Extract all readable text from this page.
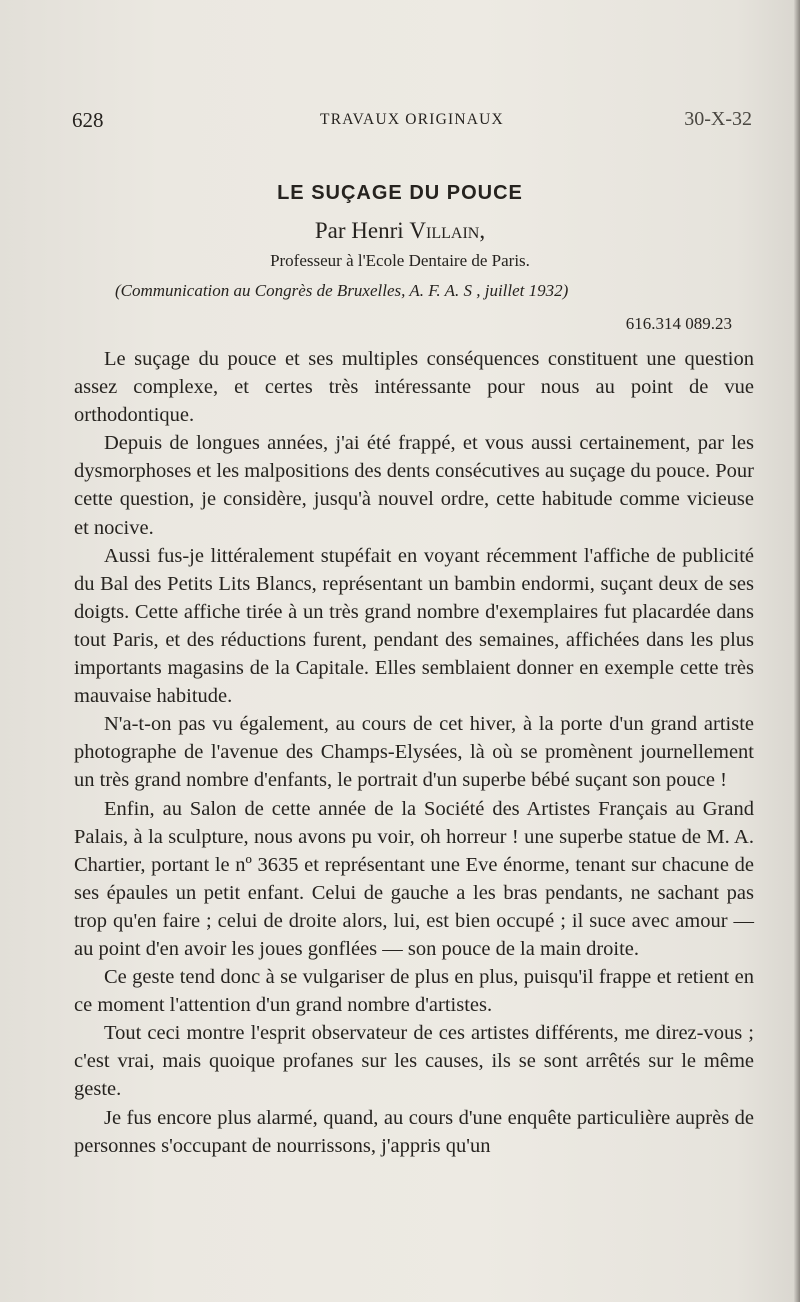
628	TRAVAUX ORIGINAUX	30-X-32
LE SUÇAGE DU POUCE
Par Henri Villain,
Professeur à l'Ecole Dentaire de Paris.
(Communication au Congrès de Bruxelles, A. F. A. S , juillet 1932)
616.314 089.23

Le suçage du pouce et ses multiples conséquences constituent une question assez complexe, et certes très intéressante pour nous au point de vue orthodontique.

Depuis de longues années, j'ai été frappé, et vous aussi certainement, par les dysmorphoses et les malpositions des dents consécutives au suçage du pouce. Pour cette question, je considère, jusqu'à nouvel ordre, cette habitude comme vicieuse et nocive.

Aussi fus-je littéralement stupéfait en voyant récemment l'affiche de publicité du Bal des Petits Lits Blancs, représentant un bambin endormi, suçant deux de ses doigts. Cette affiche tirée à un très grand nombre d'exemplaires fut placardée dans tout Paris, et des réductions furent, pendant des semaines, affichées dans les plus importants magasins de la Capitale. Elles semblaient donner en exemple cette très mauvaise habitude.

N'a-t-on pas vu également, au cours de cet hiver, à la porte d'un grand artiste photographe de l'avenue des Champs-Elysées, là où se promènent journellement un très grand nombre d'enfants, le portrait d'un superbe bébé suçant son pouce !

Enfin, au Salon de cette année de la Société des Artistes Français au Grand Palais, à la sculpture, nous avons pu voir, oh horreur ! une superbe statue de M. A. Chartier, portant le nº 3635 et représentant une Eve énorme, tenant sur chacune de ses épaules un petit enfant. Celui de gauche a les bras pendants, ne sachant pas trop qu'en faire ; celui de droite alors, lui, est bien occupé ; il suce avec amour — au point d'en avoir les joues gonflées — son pouce de la main droite.

Ce geste tend donc à se vulgariser de plus en plus, puisqu'il frappe et retient en ce moment l'attention d'un grand nombre d'artistes.

Tout ceci montre l'esprit observateur de ces artistes différents, me direz-vous ; c'est vrai, mais quoique profanes sur les causes, ils se sont arrêtés sur le même geste.

Je fus encore plus alarmé, quand, au cours d'une enquête particulière auprès de personnes s'occupant de nourrissons, j'appris qu'un
